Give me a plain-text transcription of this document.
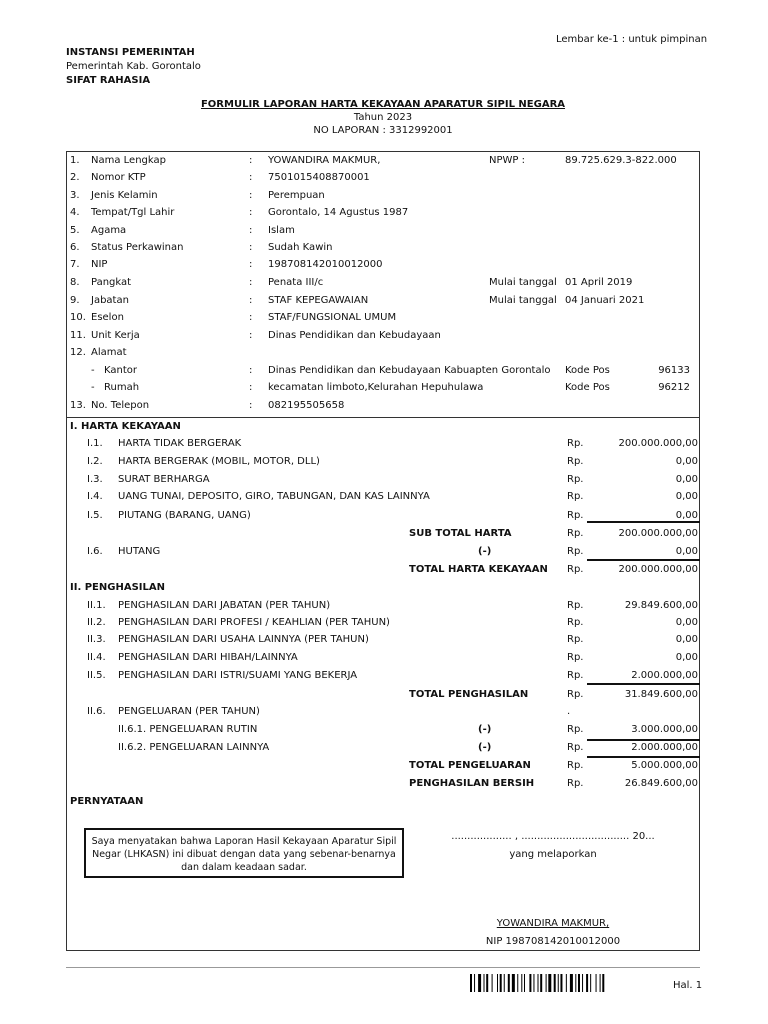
Lembar ke-1 : untuk pimpinan
INSTANSI PEMERINTAH
Pemerintah Kab. Gorontalo
SIFAT RAHASIA
FORMULIR LAPORAN HARTA KEKAYAAN APARATUR SIPIL NEGARA
Tahun 2023
NO LAPORAN : 3312992001
1. Nama Lengkap	: YOWANDIRA MAKMUR,	NPWP :	89.725.629.3-822.000
2. Nomor KTP	: 7501015408870001
3. Jenis Kelamin	: Perempuan
4. Tempat/Tgl Lahir	: Gorontalo, 14 Agustus 1987
5. Agama	: Islam
6. Status Perkawinan	: Sudah Kawin
7. NIP	: 198708142010012000
8. Pangkat	: Penata III/c	Mulai tanggal 01 April 2019
9. Jabatan	: STAF KEPEGAWAIAN	Mulai tanggal 04 Januari 2021
10. Eselon	: STAF/FUNGSIONAL UMUM
11. Unit Kerja	: Dinas Pendidikan dan Kebudayaan
12. Alamat
- Kantor	: Dinas Pendidikan dan Kebudayaan Kabuapten Gorontalo Kode Pos	96133
- Rumah	: kecamatan limboto,Kelurahan Hepuhulawa	Kode Pos	96212
13. No. Telepon	: 082195505658
I. HARTA KEKAYAAN
I.1. HARTA TIDAK BERGERAK	Rp.	200.000.000,00
I.2. HARTA BERGERAK (MOBIL, MOTOR, DLL)	Rp.	0,00
I.3. SURAT BERHARGA	Rp.	0,00
I.4. UANG TUNAI, DEPOSITO, GIRO, TABUNGAN, DAN KAS LAINNYA	Rp.	0,00
I.5. PIUTANG (BARANG, UANG)	Rp.	0,00
SUB TOTAL HARTA	Rp.	200.000.000,00
I.6. HUTANG	(-)	Rp.	0,00
TOTAL HARTA KEKAYAAN Rp.	200.000.000,00
II. PENGHASILAN
II.1. PENGHASILAN DARI JABATAN (PER TAHUN)	Rp.	29.849.600,00
II.2. PENGHASILAN DARI PROFESI / KEAHLIAN (PER TAHUN)	Rp.	0,00
II.3. PENGHASILAN DARI USAHA LAINNYA (PER TAHUN)	Rp.	0,00
II.4. PENGHASILAN DARI HIBAH/LAINNYA	Rp.	0,00
II.5. PENGHASILAN DARI ISTRI/SUAMI YANG BEKERJA	Rp.	2.000.000,00
TOTAL PENGHASILAN	Rp.	31.849.600,00
II.6. PENGELUARAN (PER TAHUN)	.
II.6.1. PENGELUARAN RUTIN	(-)	Rp.	3.000.000,00
II.6.2. PENGELUARAN LAINNYA	(-)	Rp.	2.000.000,00
TOTAL PENGELUARAN	Rp.	5.000.000,00
PENGHASILAN BERSIH	Rp.	26.849.600,00
PERNYATAAN
Saya menyatakan bahwa Laporan Hasil Kekayaan Aparatur Sipil Negar (LHKASN) ini dibuat dengan data yang sebenar-benarnya dan dalam keadaan sadar.
................... , .................................. 20...
yang melaporkan
YOWANDIRA MAKMUR,
NIP 198708142010012000
Hal. 1
